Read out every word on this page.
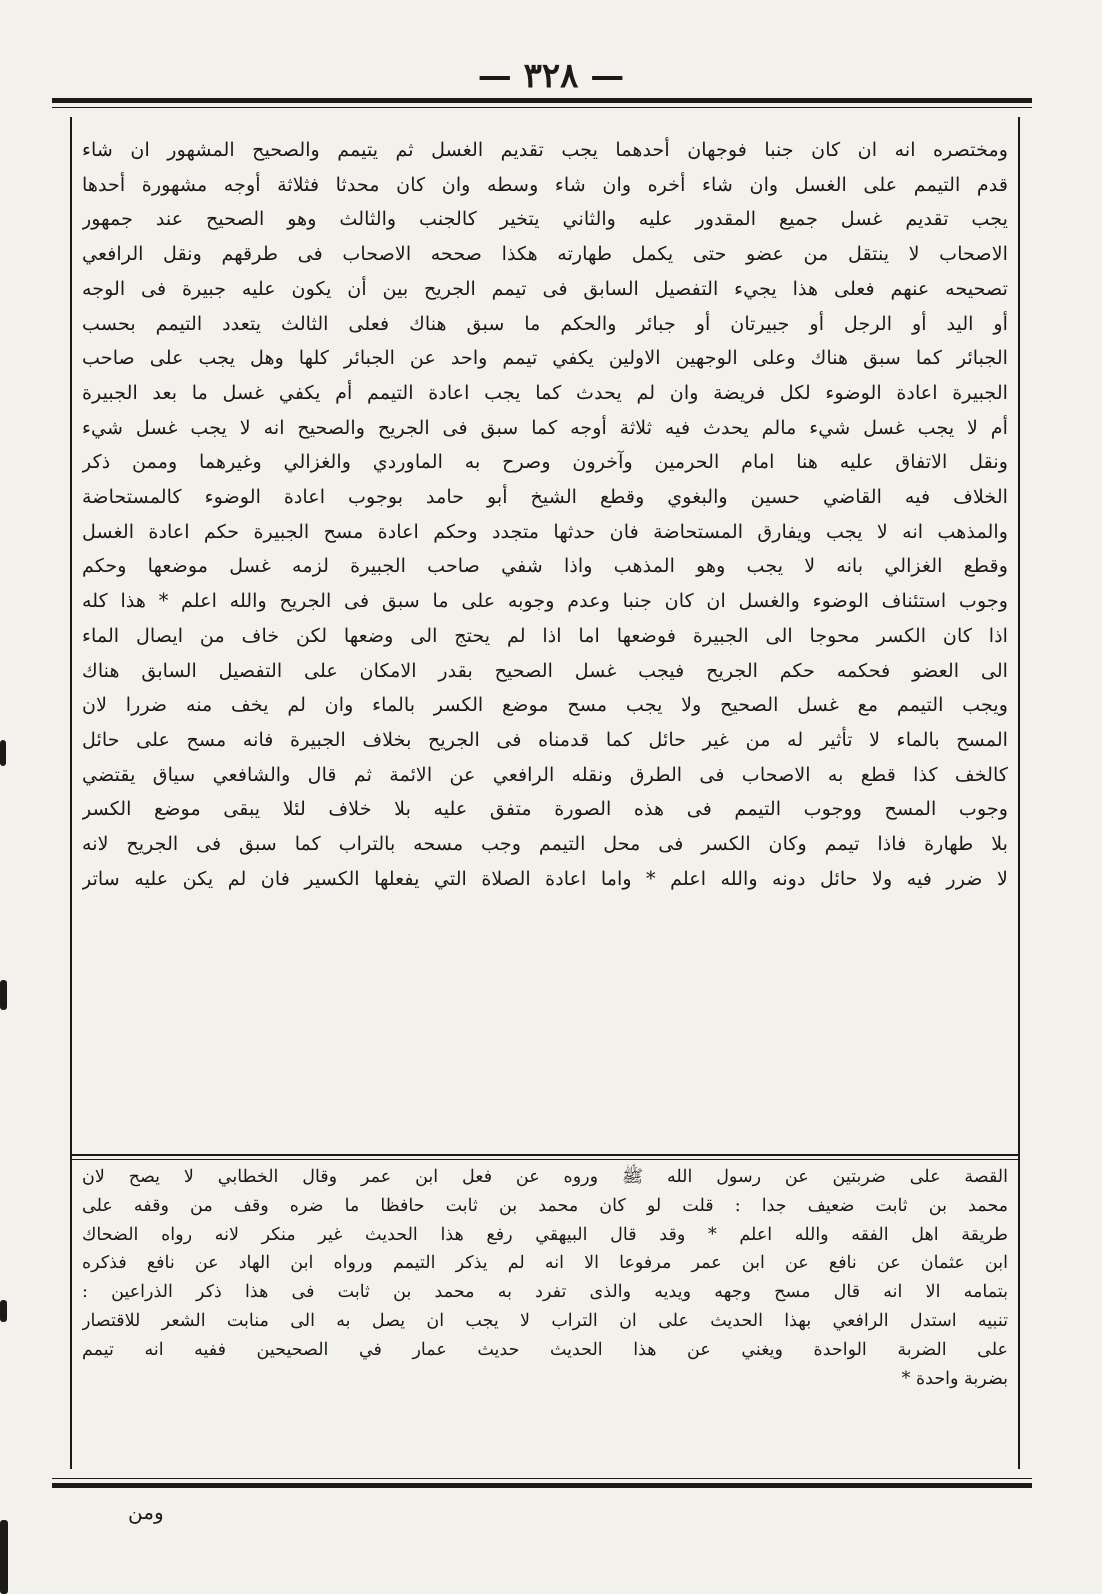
— ٣٢٨ —
ومختصره انه ان كان جنبا فوجهان أحدهما يجب تقديم الغسل ثم يتيمم والصحيح المشهور ان شاء
قدم التيمم على الغسل وان شاء أخره وان شاء وسطه وان كان محدثا فثلاثة أوجه مشهورة أحدها
يجب تقديم غسل جميع المقدور عليه والثاني يتخير كالجنب والثالث وهو الصحيح عند جمهور
الاصحاب لا ينتقل من عضو حتى يكمل طهارته هكذا صححه الاصحاب فى طرقهم ونقل الرافعي
تصحيحه عنهم فعلى هذا يجيء التفصيل السابق فى تيمم الجريح بين أن يكون عليه جبيرة فى الوجه
أو اليد أو الرجل أو جبيرتان أو جبائر والحكم ما سبق هناك فعلى الثالث يتعدد التيمم بحسب
الجبائر كما سبق هناك وعلى الوجهين الاولين يكفي تيمم واحد عن الجبائر كلها وهل يجب على صاحب
الجبيرة اعادة الوضوء لكل فريضة وان لم يحدث كما يجب اعادة التيمم أم يكفي غسل ما بعد الجبيرة
أم لا يجب غسل شيء مالم يحدث فيه ثلاثة أوجه كما سبق فى الجريح والصحيح انه لا يجب غسل شيء
ونقل الاتفاق عليه هنا امام الحرمين وآخرون وصرح به الماوردي والغزالي وغيرهما وممن ذكر
الخلاف فيه القاضي حسين والبغوي وقطع الشيخ أبو حامد بوجوب اعادة الوضوء كالمستحاضة
والمذهب انه لا يجب ويفارق المستحاضة فان حدثها متجدد وحكم اعادة مسح الجبيرة حكم اعادة الغسل
وقطع الغزالي بانه لا يجب وهو المذهب واذا شفي صاحب الجبيرة لزمه غسل موضعها وحكم
وجوب استئناف الوضوء والغسل ان كان جنبا وعدم وجوبه على ما سبق فى الجريح والله اعلم * هذا كله
اذا كان الكسر محوجا الى الجبيرة فوضعها اما اذا لم يحتج الى وضعها لكن خاف من ايصال الماء
الى العضو فحكمه حكم الجريح فيجب غسل الصحيح بقدر الامكان على التفصيل السابق هناك
ويجب التيمم مع غسل الصحيح ولا يجب مسح موضع الكسر بالماء وان لم يخف منه ضررا لان
المسح بالماء لا تأثير له من غير حائل كما قدمناه فى الجريح بخلاف الجبيرة فانه مسح على حائل
كالخف كذا قطع به الاصحاب فى الطرق ونقله الرافعي عن الائمة ثم قال والشافعي سياق يقتضي
وجوب المسح ووجوب التيمم فى هذه الصورة متفق عليه بلا خلاف لئلا يبقى موضع الكسر
بلا طهارة فاذا تيمم وكان الكسر فى محل التيمم وجب مسحه بالتراب كما سبق فى الجريح لانه
لا ضرر فيه ولا حائل دونه والله اعلم * واما اعادة الصلاة التي يفعلها الكسير فان لم يكن عليه ساتر
القصة على ضربتين عن رسول الله ﷺ وروه عن فعل ابن عمر وقال الخطابي لا يصح لان
محمد بن ثابت ضعيف جدا : قلت لو كان محمد بن ثابت حافظا ما ضره وقف من وقفه على
طريقة اهل الفقه والله اعلم * وقد قال البيهقي رفع هذا الحديث غير منكر لانه رواه الضحاك
ابن عثمان عن نافع عن ابن عمر مرفوعا الا انه لم يذكر التيمم ورواه ابن الهاد عن نافع فذكره
بتمامه الا انه قال مسح وجهه ويديه والذى تفرد به محمد بن ثابت فى هذا ذكر الذراعين :
تنبيه استدل الرافعي بهذا الحديث على ان التراب لا يجب ان يصل به الى منابت الشعر للاقتصار
على الضربة الواحدة ويغني عن هذا الحديث حديث عمار في الصحيحين ففيه انه تيمم
بضربة واحدة *
ومن
